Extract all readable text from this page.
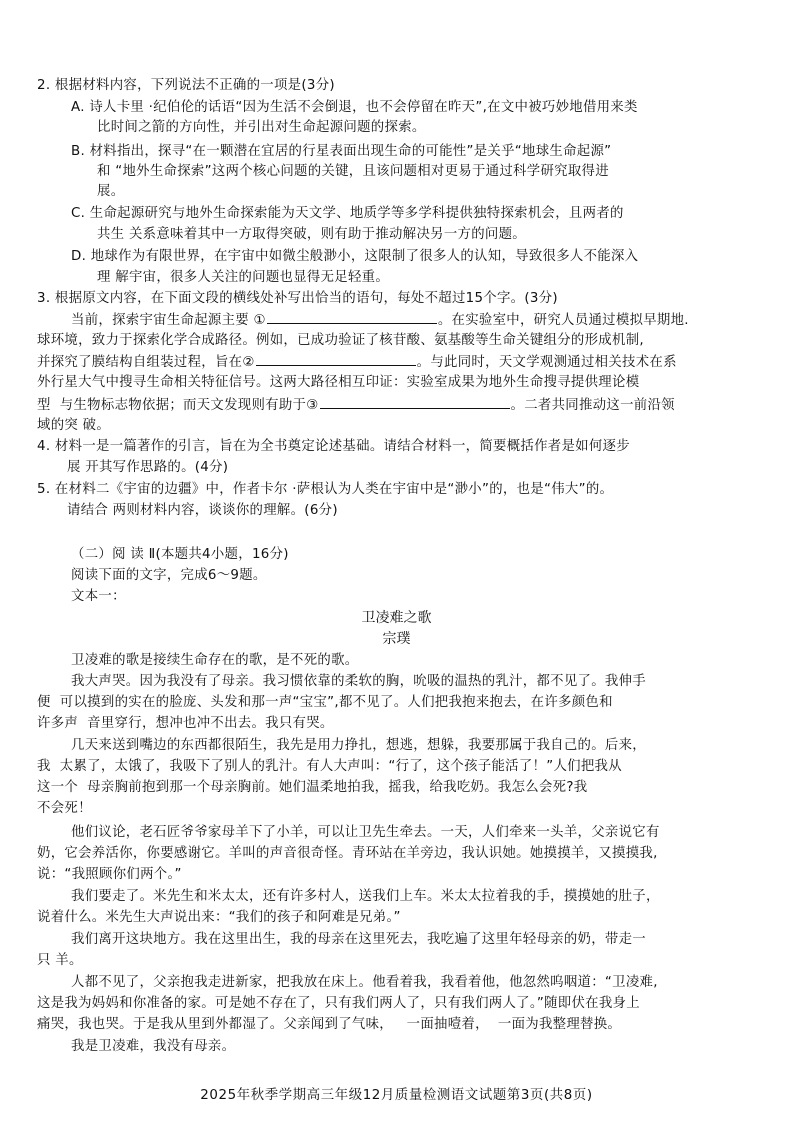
2. 根据材料内容，下列说法不正确的一项是(3分)
A. 诗人卡里 ·纪伯伦的话语“因为生活不会倒退，也不会停留在昨天”,在文中被巧妙地借用来类
比时间之箭的方向性，并引出对生命起源问题的探索。
B. 材料指出，探寻“在一颗潜在宜居的行星表面出现生命的可能性”是关乎“地球生命起源”
和 “地外生命探索”这两个核心问题的关键，且该问题相对更易于通过科学研究取得进
展。
C. 生命起源研究与地外生命探索能为天文学、地质学等多学科提供独特探索机会，且两者的
共生 关系意味着其中一方取得突破，则有助于推动解决另一方的问题。
D. 地球作为有限世界，在宇宙中如微尘般渺小，这限制了很多人的认知，导致很多人不能深入
理 解宇宙，很多人关注的问题也显得无足轻重。
3. 根据原文内容，在下面文段的横线处补写出恰当的语句，每处不超过15个字。(3分)
当前，探索宇宙生命起源主要 ①	。在实验室中，研究人员通过模拟早期地.
球环境，致力于探索化学合成路径。例如，已成功验证了核苷酸、氨基酸等生命关键组分的形成机制,
并探究了膜结构自组装过程，旨在②	。与此同时，天文学观测通过相关技术在系
外行星大气中搜寻生命相关特征信号。这两大路径相互印证：实验室成果为地外生命搜寻提供理论模
型  与生物标志物依据；而天文发现则有助于③	。二者共同推动这一前沿领
域的突 破。
4. 材料一是一篇著作的引言，旨在为全书奠定论述基础。请结合材料一，简要概括作者是如何逐步
展 开其写作思路的。(4分)
5. 在材料二《宇宙的边疆》中，作者卡尔 ·萨根认为人类在宇宙中是“渺小”的，也是“伟大”的。
请结合 两则材料内容，谈谈你的理解。(6分)
（二）阅 读 Ⅱ(本题共4小题，16分)
阅读下面的文字，完成6～9题。
文本一：
卫凌难之歌
宗璞
卫凌难的歌是接续生命存在的歌，是不死的歌。
我大声哭。因为我没有了母亲。我习惯依靠的柔软的胸，吮吸的温热的乳汁，都不见了。我伸手
便  可以摸到的实在的脸庞、头发和那一声“宝宝”,都不见了。人们把我抱来抱去，在许多颜色和
许多声  音里穿行，想冲也冲不出去。我只有哭。
几天来送到嘴边的东西都很陌生，我先是用力挣扎，想逃，想躲，我要那属于我自己的。后来，
我  太累了，太饿了，我吸下了别人的乳汁。有人大声叫：“行了，这个孩子能活了！”人们把我从
这一个  母亲胸前抱到那一个母亲胸前。她们温柔地拍我，摇我，给我吃奶。我怎么会死?我
不会死！
他们议论，老石匠爷爷家母羊下了小羊，可以让卫先生牵去。一天，人们牵来一头羊，父亲说它有
奶，它会养活你，你要感谢它。羊叫的声音很奇怪。青环站在羊旁边，我认识她。她摸摸羊，又摸摸我,
说：“我照顾你们两个。”
我们要走了。米先生和米太太，还有许多村人，送我们上车。米太太拉着我的手，摸摸她的肚子，
说着什么。米先生大声说出来：“我们的孩子和阿难是兄弟。”
我们离开这块地方。我在这里出生，我的母亲在这里死去，我吃遍了这里年轻母亲的奶，带走一
只 羊。
人都不见了，父亲抱我走进新家，把我放在床上。他看着我，我看着他，他忽然呜咽道：“卫凌难,
这是我为妈妈和你准备的家。可是她不存在了，只有我们两人了，只有我们两人了。”随即伏在我身上
痛哭，我也哭。于是我从里到外都湿了。父亲闻到了气味，   一面抽噎着，  一面为我整理替换。
我是卫凌难，我没有母亲。
2025年秋季学期高三年级12月质量检测语文试题第3页(共8页)
